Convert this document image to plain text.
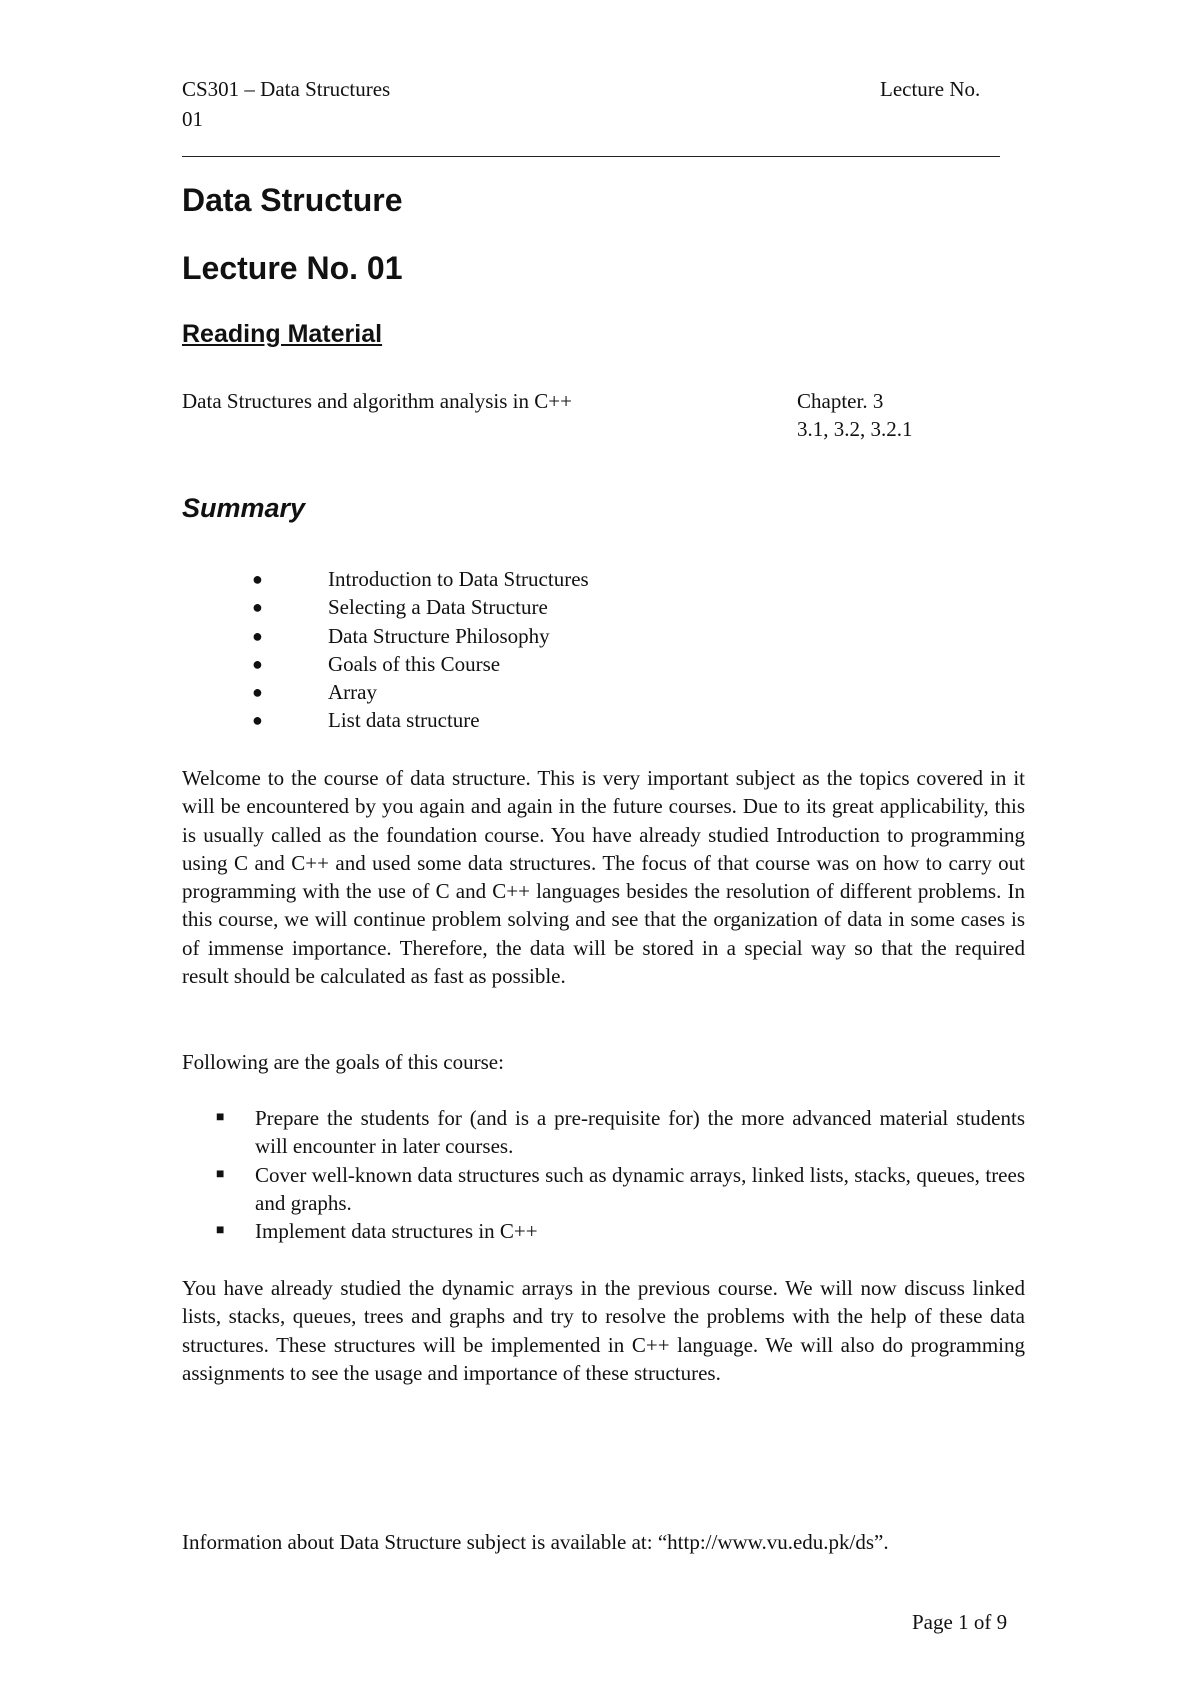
CS301 – Data Structures
01
Lecture No.
Data Structure
Lecture No. 01
Reading Material
Data Structures and algorithm analysis in C++	Chapter. 3
3.1, 3.2, 3.2.1
Summary
●	Introduction to Data Structures
●	Selecting a Data Structure
●	Data Structure Philosophy
●	Goals of this Course
●	Array
●	List data structure
Welcome to the course of data structure. This is very important subject as the topics covered in it will be encountered by you again and again in the future courses. Due to its great applicability, this is usually called as the foundation course. You have already studied Introduction to programming using C and C++ and used some data structures. The focus of that course was on how to carry out programming with the use of C and C++ languages besides the resolution of different problems. In this course, we will continue problem solving and see that the organization of data in some cases is of immense importance. Therefore, the data will be stored in a special way so that the required result should be calculated as fast as possible.
Following are the goals of this course:
■ Prepare the students for (and is a pre-requisite for) the more advanced material students will encounter in later courses.
■ Cover well-known data structures such as dynamic arrays, linked lists, stacks, queues, trees and graphs.
■ Implement data structures in C++
You have already studied the dynamic arrays in the previous course. We will now discuss linked lists, stacks, queues, trees and graphs and try to resolve the problems with the help of these data structures. These structures will be implemented in C++ language. We will also do programming assignments to see the usage and importance of these structures.
Information about Data Structure subject is available at: “http://www.vu.edu.pk/ds”.
Page 1 of 9
